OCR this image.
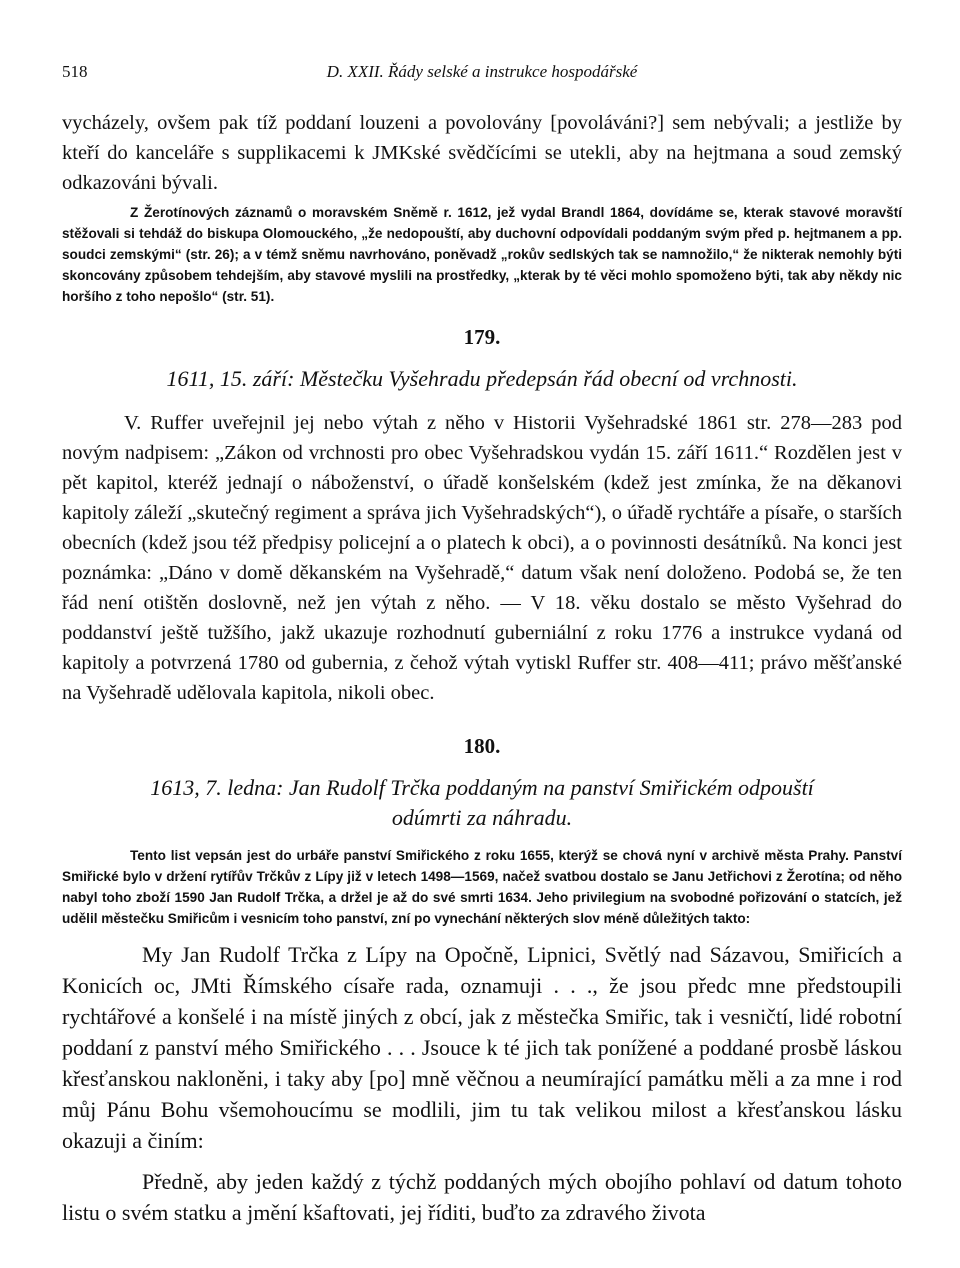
518	D. XXII. Řády selské a instrukce hospodářské

vycházely, ovšem pak tíž poddaní louzeni a povolovány [povoláváni?] sem nebývali; a jestliže by kteří do kanceláře s supplikacemi k JMKské svědčícími se utekli, aby na hejtmana a soud zemský odkazováni bývali.

Z Žerotínových záznamů o moravském Sněmě r. 1612, jež vydal Brandl 1864, dovídáme se, kterak stavové moravští stěžovali si tehdáž do biskupa Olomouckého, „že nedopouští, aby duchovní odpovídali poddaným svým před p. hejtmanem a pp. soudci zemskými“ (str. 26); a v témž sněmu navrhováno, poněvadž „rokův sedlských tak se namnožilo,“ že nikterak nemohly býti skoncovány způsobem tehdejším, aby stavové myslili na prostředky, „kterak by té věci mohlo spomoženo býti, tak aby někdy nic horšího z toho nepošlo“ (str. 51).

179.

1611, 15. září: Městečku Vyšehradu předepsán řád obecní od vrchnosti.

V. Ruffer uveřejnil jej nebo výtah z něho v Historii Vyšehradské 1861 str. 278—283 pod novým nadpisem: „Zákon od vrchnosti pro obec Vyšehradskou vydán 15. září 1611.“ Rozdělen jest v pět kapitol, kteréž jednají o náboženství, o úřadě konšelském (kdež jest zmínka, že na děkanovi kapitoly záleží „skutečný regiment a správa jich Vyšehradských“), o úřadě rychtáře a písaře, o starších obecních (kdež jsou též předpisy policejní a o platech k obci), a o povinnosti desátníků. Na konci jest poznámka: „Dáno v domě děkanském na Vyšehradě,“ datum však není doloženo. Podobá se, že ten řád není otištěn doslovně, než jen výtah z něho. — V 18. věku dostalo se město Vyšehrad do poddanství ještě tužšího, jakž ukazuje rozhodnutí guberniální z roku 1776 a instrukce vydaná od kapitoly a potvrzená 1780 od gubernia, z čehož výtah vytiskl Ruffer str. 408—411; právo měšťanské na Vyšehradě udělovala kapitola, nikoli obec.

180.

1613, 7. ledna: Jan Rudolf Trčka poddaným na panství Smiřickém odpouští
odúmrti za náhradu.

Tento list vepsán jest do urbáře panství Smiřického z roku 1655, kterýž se chová nyní v archivě města Prahy. Panství Smiřické bylo v držení rytířův Trčkův z Lípy již v letech 1498—1569, načež svatbou dostalo se Janu Jetřichovi z Žerotína; od něho nabyl toho zboží 1590 Jan Rudolf Trčka, a držel je až do své smrti 1634. Jeho privilegium na svobodné pořizování o statcích, jež udělil městečku Smiřicům i vesnicím toho panství, zní po vynechání některých slov méně důležitých takto:

My Jan Rudolf Trčka z Lípy na Opočně, Lipnici, Světlý nad Sázavou, Smiřicích a Konicích oc, JMti Římského císaře rada, oznamuji . . ., že jsou předc mne předstoupili rychtářové a konšelé i na místě jiných z obcí, jak z městečka Smiřic, tak i vesničtí, lidé robotní poddaní z panství mého Smiřického . . . Jsouce k té jich tak ponížené a poddané prosbě láskou křesťanskou nakloněni, i taky aby [po] mně věčnou a neumírající památku měli a za mne i rod můj Pánu Bohu všemohoucímu se modlili, jim tu tak velikou milost a křesťanskou lásku okazuji a činím:

Předně, aby jeden každý z týchž poddaných mých obojího pohlaví od datum tohoto listu o svém statku a jmění kšaftovati, jej říditi, buďto za zdravého života
